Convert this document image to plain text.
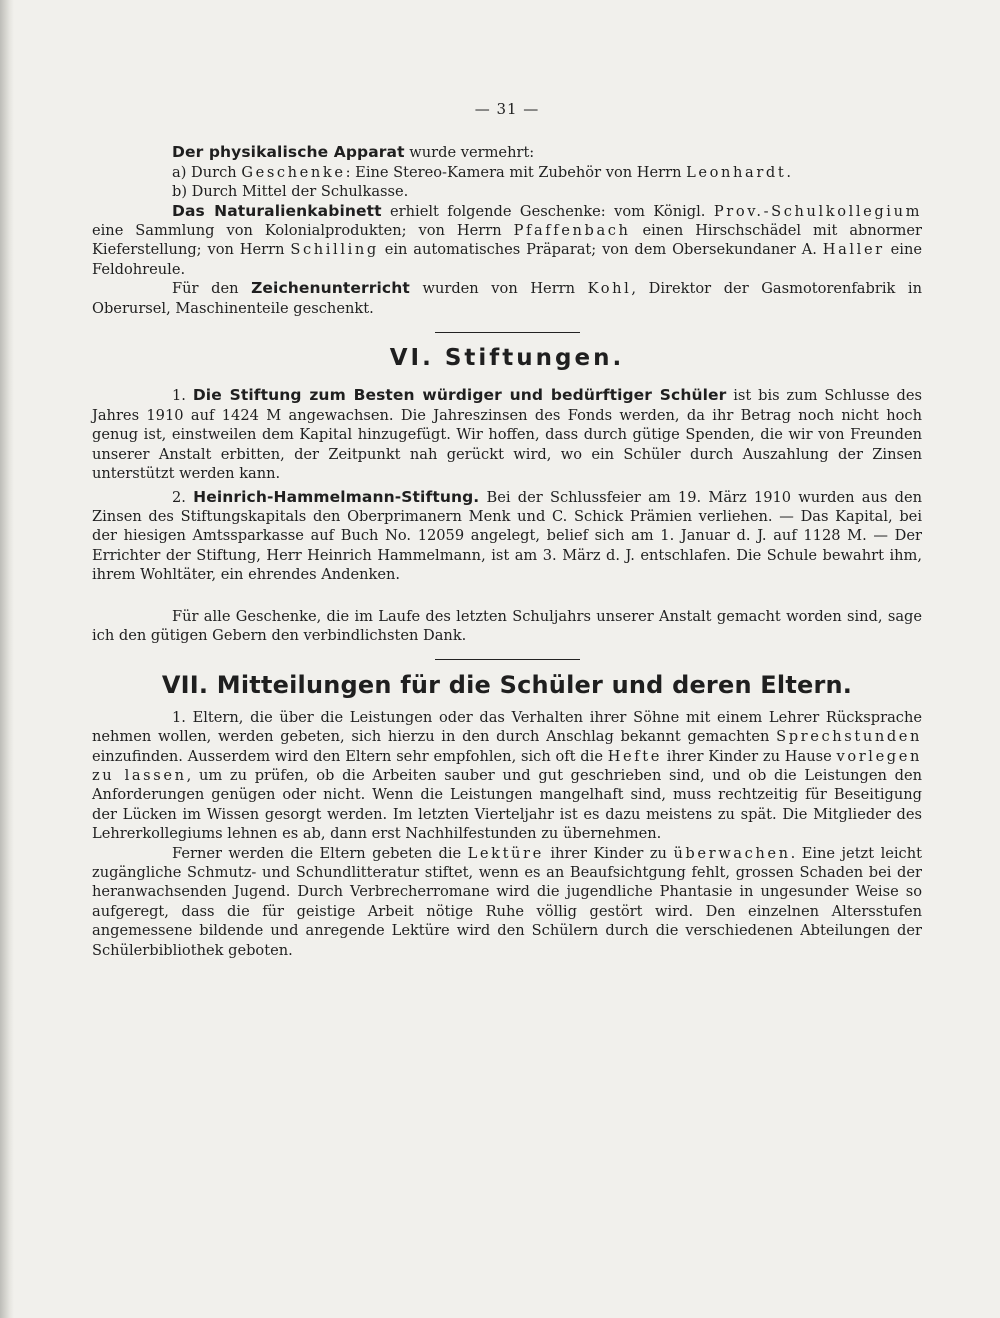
— 31 —

Der physikalische Apparat wurde vermehrt:

a) Durch Geschenke: Eine Stereo-Kamera mit Zubehör von Herrn Leonhardt.

b) Durch Mittel der Schulkasse.

Das Naturalienkabinett erhielt folgende Geschenke: vom Königl. Prov.-Schulkollegium eine Sammlung von Kolonialprodukten; von Herrn Pfaffenbach einen Hirschschädel mit abnormer Kieferstellung; von Herrn Schilling ein automatisches Präparat; von dem Obersekundaner A. Haller eine Feldohreule.

Für den Zeichenunterricht wurden von Herrn Kohl, Direktor der Gasmotorenfabrik in Oberursel, Maschinenteile geschenkt.

VI. Stiftungen.

1. Die Stiftung zum Besten würdiger und bedürftiger Schüler ist bis zum Schlusse des Jahres 1910 auf 1424 M angewachsen. Die Jahreszinsen des Fonds werden, da ihr Betrag noch nicht hoch genug ist, einstweilen dem Kapital hinzugefügt. Wir hoffen, dass durch gütige Spenden, die wir von Freunden unserer Anstalt erbitten, der Zeitpunkt nah gerückt wird, wo ein Schüler durch Auszahlung der Zinsen unterstützt werden kann.

2. Heinrich-Hammelmann-Stiftung. Bei der Schlussfeier am 19. März 1910 wurden aus den Zinsen des Stiftungskapitals den Oberprimanern Menk und C. Schick Prämien verliehen. — Das Kapital, bei der hiesigen Amtssparkasse auf Buch No. 12059 angelegt, belief sich am 1. Januar d. J. auf 1128 M. — Der Errichter der Stiftung, Herr Heinrich Hammelmann, ist am 3. März d. J. entschlafen. Die Schule bewahrt ihm, ihrem Wohltäter, ein ehrendes Andenken.

Für alle Geschenke, die im Laufe des letzten Schuljahrs unserer Anstalt gemacht worden sind, sage ich den gütigen Gebern den verbindlichsten Dank.

VII. Mitteilungen für die Schüler und deren Eltern.

1. Eltern, die über die Leistungen oder das Verhalten ihrer Söhne mit einem Lehrer Rücksprache nehmen wollen, werden gebeten, sich hierzu in den durch Anschlag bekannt gemachten Sprechstunden einzufinden. Ausserdem wird den Eltern sehr empfohlen, sich oft die Hefte ihrer Kinder zu Hause vorlegen zu lassen, um zu prüfen, ob die Arbeiten sauber und gut geschrieben sind, und ob die Leistungen den Anforderungen genügen oder nicht. Wenn die Leistungen mangelhaft sind, muss rechtzeitig für Beseitigung der Lücken im Wissen gesorgt werden. Im letzten Vierteljahr ist es dazu meistens zu spät. Die Mitglieder des Lehrerkollegiums lehnen es ab, dann erst Nachhilfestunden zu übernehmen.

Ferner werden die Eltern gebeten die Lektüre ihrer Kinder zu überwachen. Eine jetzt leicht zugängliche Schmutz- und Schundlitteratur stiftet, wenn es an Beaufsichtgung fehlt, grossen Schaden bei der heranwachsenden Jugend. Durch Verbrecherromane wird die jugendliche Phantasie in ungesunder Weise so aufgeregt, dass die für geistige Arbeit nötige Ruhe völlig gestört wird. Den einzelnen Altersstufen angemessene bildende und anregende Lektüre wird den Schülern durch die verschiedenen Abteilungen der Schülerbibliothek geboten.
